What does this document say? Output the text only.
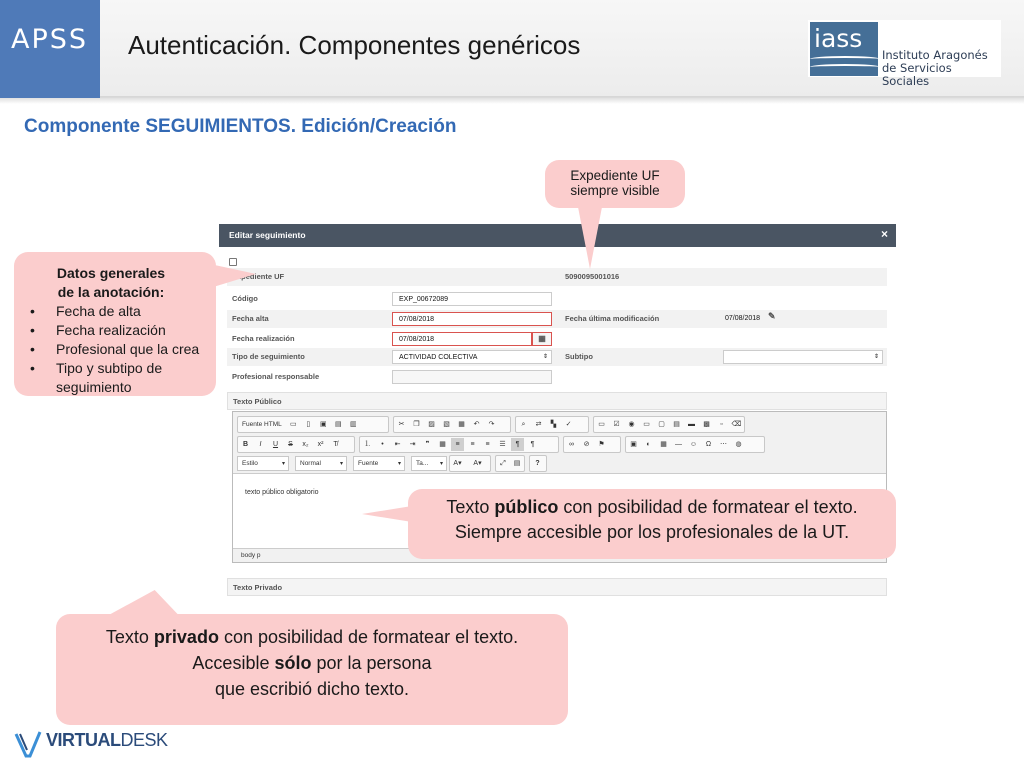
APSS	Autenticación. Componentes genéricos	iass
Instituto Aragonés
de Servicios Sociales
Componente SEGUIMIENTOS. Edición/Creación
Editar seguimiento	×
Expediente UF	5090095001016
Código	EXP_00672089
Fecha alta	07/08/2018	Fecha última modificación	07/08/2018 ✎
Fecha realización	07/08/2018	▦
Tipo de seguimiento	ACTIVIDAD COLECTIVA	⇕ Subtipo	⇕
Profesional responsable
Texto Público
Fuente HTML	▭	▯	▣	▤	▥	✂	❐	▨	▧	▦	↶	↷	⌕	⇄	▚	✓	▭	☑	◉	▭	▢	▤	▬	▩	▫	⌫
B	I	U	S	x₂	x²	T̸	⒈	•	⇤	⇥	❞	▦	≡	≡	≡	☰	¶	¶	∞	⊘	⚑	▣	◐	▦	―	☺	Ω	⋯	◍
Estilo	▾	Normal	▾	Fuente	▾	Ta... ▾	A▾	A▾	⤢	▤	?
texto público obligatorio
body p
Texto Privado
Expediente UF
siempre visible
Datos generales
de la anotación:
• Fecha de alta
• Fecha realización
• Profesional que la crea
• Tipo y subtipo de
seguimiento
Texto público con posibilidad de formatear el texto.
Siempre accesible por los profesionales de la UT.
Texto privado con posibilidad de formatear el texto.
Accesible sólo por la persona
que escribió dicho texto.
VIRTUALDESK
